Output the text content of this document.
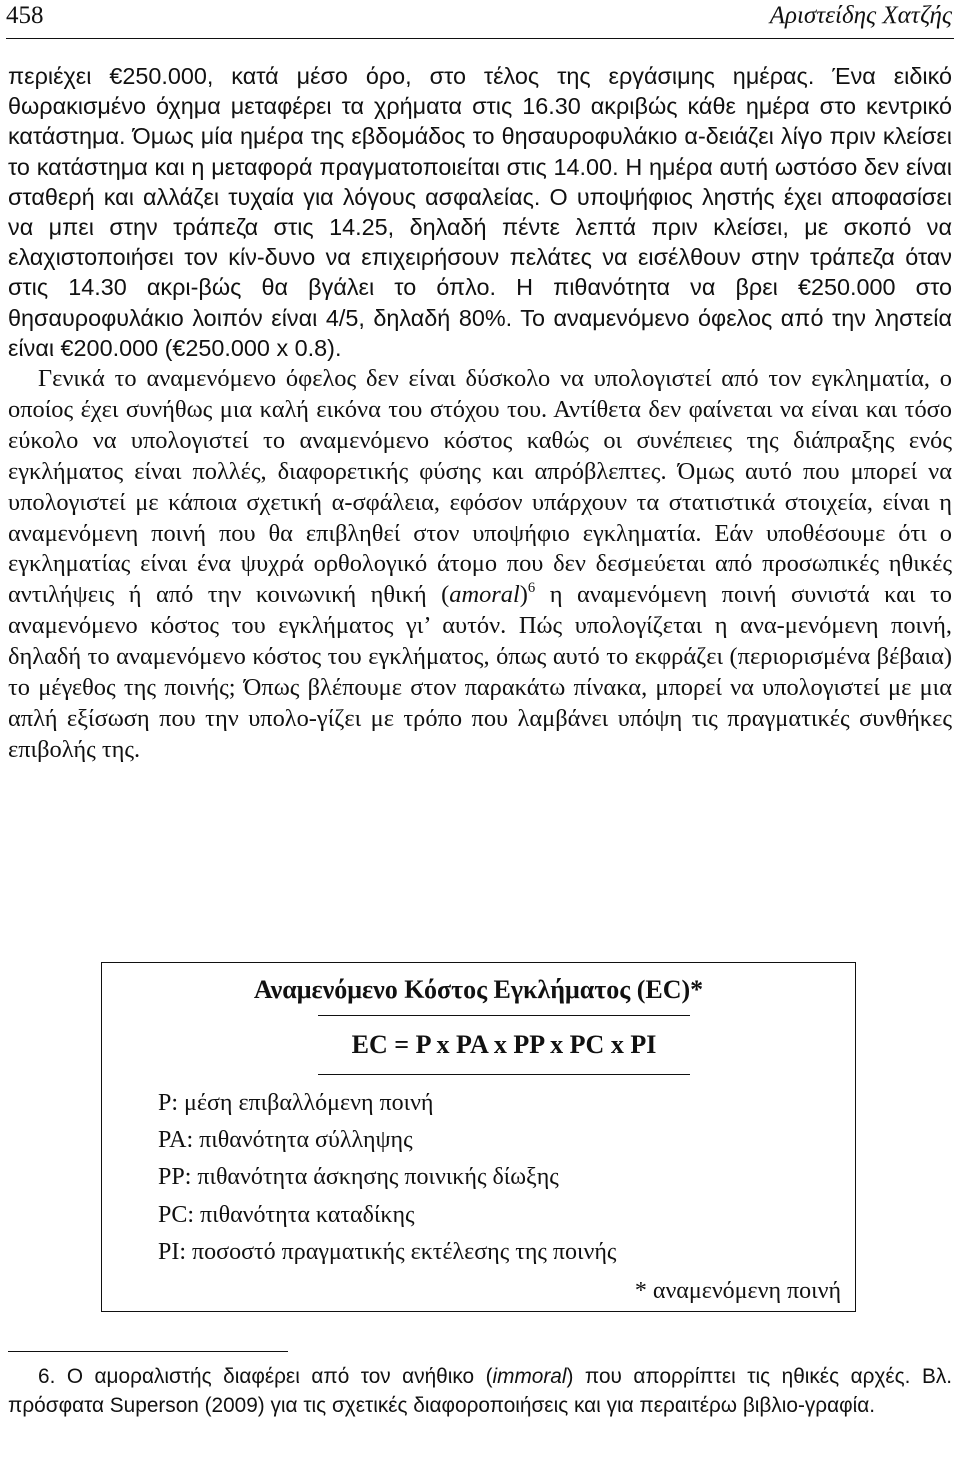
458	Αριστείδης Χατζής

περιέχει €250.000, κατά μέσο όρο, στο τέλος της εργάσιμης ημέρας. Ένα ειδικό θωρακισμένο όχημα μεταφέρει τα χρήματα στις 16.30 ακριβώς κάθε ημέρα στο κεντρικό κατάστημα. Όμως μία ημέρα της εβδομάδος το θησαυροφυλάκιο α-δειάζει λίγο πριν κλείσει το κατάστημα και η μεταφορά πραγματοποιείται στις 14.00. Η ημέρα αυτή ωστόσο δεν είναι σταθερή και αλλάζει τυχαία για λόγους ασφαλείας. Ο υποψήφιος ληστής έχει αποφασίσει να μπει στην τράπεζα στις 14.25, δηλαδή πέντε λεπτά πριν κλείσει, με σκοπό να ελαχιστοποιήσει τον κίν-δυνο να επιχειρήσουν πελάτες να εισέλθουν στην τράπεζα όταν στις 14.30 ακρι-βώς θα βγάλει το όπλο. Η πιθανότητα να βρει €250.000 στο θησαυροφυλάκιο λοιπόν είναι 4/5, δηλαδή 80%. Το αναμενόμενο όφελος από την ληστεία είναι €200.000 (€250.000 x 0.8).

Γενικά το αναμενόμενο όφελος δεν είναι δύσκολο να υπολογιστεί από τον εγκληματία, ο οποίος έχει συνήθως μια καλή εικόνα του στόχου του. Αντίθετα δεν φαίνεται να είναι και τόσο εύκολο να υπολογιστεί το αναμενόμενο κόστος καθώς οι συνέπειες της διάπραξης ενός εγκλήματος είναι πολλές, διαφορετικής φύσης και απρόβλεπτες. Όμως αυτό που μπορεί να υπολογιστεί με κάποια σχετική α-σφάλεια, εφόσον υπάρχουν τα στατιστικά στοιχεία, είναι η αναμενόμενη ποινή που θα επιβληθεί στον υποψήφιο εγκληματία. Εάν υποθέσουμε ότι ο εγκληματίας είναι ένα ψυχρά ορθολογικό άτομο που δεν δεσμεύεται από προσωπικές ηθικές αντιλήψεις ή από την κοινωνική ηθική (amoral)$^6$ η αναμενόμενη ποινή συνιστά και το αναμενόμενο κόστος του εγκλήματος γι’ αυτόν. Πώς υπολογίζεται η ανα-μενόμενη ποινή, δηλαδή το αναμενόμενο κόστος του εγκλήματος, όπως αυτό το εκφράζει (περιορισμένα βέβαια) το μέγεθος της ποινής; Όπως βλέπουμε στον παρακάτω πίνακα, μπορεί να υπολογιστεί με μια απλή εξίσωση που την υπολο-γίζει με τρόπο που λαμβάνει υπόψη τις πραγματικές συνθήκες επιβολής της.

Αναμενόμενο Κόστος Εγκλήματος (EC)*
EC = P x PA x PP x PC x PI
P: μέση επιβαλλόμενη ποινή
PA: πιθανότητα σύλληψης
PP: πιθανότητα άσκησης ποινικής δίωξης
PC: πιθανότητα καταδίκης
PI: ποσοστό πραγματικής εκτέλεσης της ποινής
* αναμενόμενη ποινή
6. Ο αμοραλιστής διαφέρει από τον ανήθικο (immoral) που απορρίπτει τις ηθικές αρχές. Βλ. πρόσφατα Superson (2009) για τις σχετικές διαφοροποιήσεις και για περαιτέρω βιβλιο-γραφία.
